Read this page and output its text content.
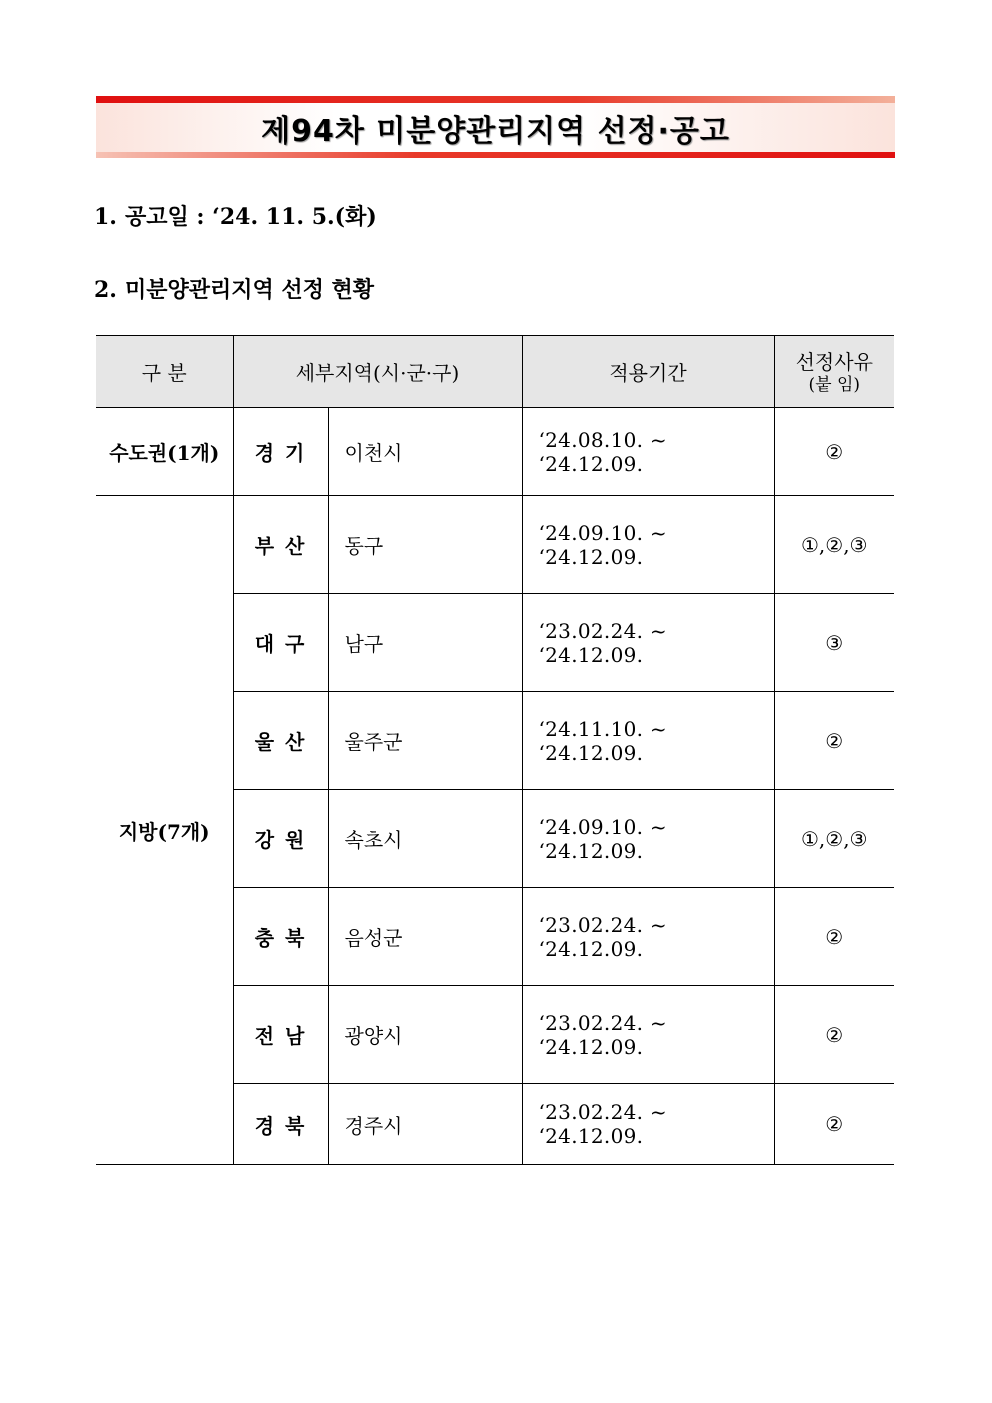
제94차 미분양관리지역 선정·공고
1. 공고일 : ‘24. 11. 5.(화)
2. 미분양관리지역 선정 현황
구 분	세부지역(시·군·구)		적용기간	선정사유
(붙 임)

수도권(1개)	경 기	이천시	‘24.08.10. ~ ‘24.12.09.	②
지방(7개)	부 산	동구	‘24.09.10. ~ ‘24.12.09.	①,②,③
	대 구	남구	‘23.02.24. ~ ‘24.12.09.	③
	울 산	울주군	‘24.11.10. ~ ‘24.12.09.	②
	강 원	속초시	‘24.09.10. ~ ‘24.12.09.	①,②,③
	충 북	음성군	‘23.02.24. ~ ‘24.12.09.	②
	전 남	광양시	‘23.02.24. ~ ‘24.12.09.	②
	경 북	경주시	‘23.02.24. ~ ‘24.12.09.	②
